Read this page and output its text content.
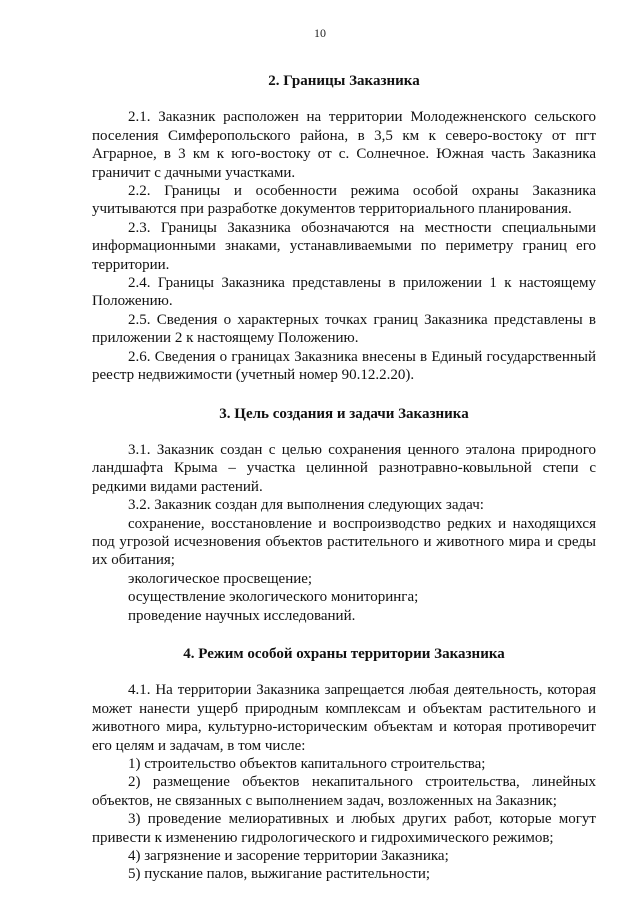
10

2. Границы Заказника

2.1. Заказник расположен на территории Молодежненского сельского поселения Симферопольского района, в 3,5 км к северо-востоку от пгт Аграрное, в 3 км к юго-востоку от с. Солнечное. Южная часть Заказника граничит с дачными участками.

2.2. Границы и особенности режима особой охраны Заказника учитываются при разработке документов территориального планирования.

2.3. Границы Заказника обозначаются на местности специальными информационными знаками, устанавливаемыми по периметру границ его территории.

2.4. Границы Заказника представлены в приложении 1 к настоящему Положению.

2.5. Сведения о характерных точках границ Заказника представлены в приложении 2 к настоящему Положению.

2.6. Сведения о границах Заказника внесены в Единый государственный реестр недвижимости (учетный номер 90.12.2.20).

3. Цель создания и задачи Заказника

3.1. Заказник создан с целью сохранения ценного эталона природного ландшафта Крыма – участка целинной разнотравно-ковыльной степи с редкими видами растений.

3.2. Заказник создан для выполнения следующих задач:

сохранение, восстановление и воспроизводство редких и находящихся под угрозой исчезновения объектов растительного и животного мира и среды их обитания;

экологическое просвещение;

осуществление экологического мониторинга;

проведение научных исследований.

4. Режим особой охраны территории Заказника

4.1. На территории Заказника запрещается любая деятельность, которая может нанести ущерб природным комплексам и объектам растительного и животного мира, культурно-историческим объектам и которая противоречит его целям и задачам, в том числе:

1) строительство объектов капитального строительства;

2) размещение объектов некапитального строительства, линейных объектов, не связанных с выполнением задач, возложенных на Заказник;

3) проведение мелиоративных и любых других работ, которые могут привести к изменению гидрологического и гидрохимического режимов;

4) загрязнение и засорение территории Заказника;

5) пускание палов, выжигание растительности;
